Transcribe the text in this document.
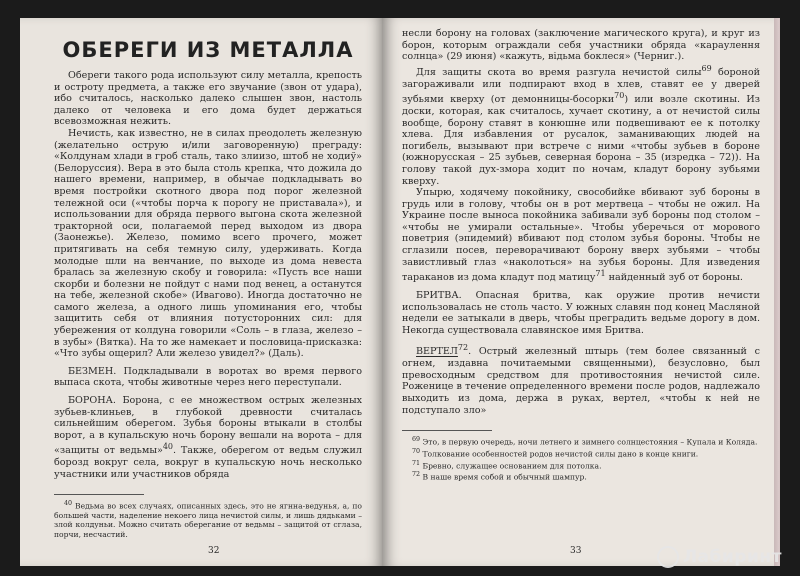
ОБЕРЕГИ ИЗ МЕТАЛЛА

Обереги такого рода используют силу металла, крепость и остроту предмета, а также его звучание (звон от удара), ибо считалось, насколько далеко слышен звон, настоль далеко от человека и его дома будет держаться всевозможная нежить.

Нечисть, как известно, не в силах преодолеть железную (желательно острую и/или заговоренную) преграду: «Колдунам хлади в гроб сталь, тако злиизо, штоб не ходиў» (Белоруссия). Вера в это была столь крепка, что дожила до нашего времени, например, в обычае подкладывать во время постройки скотного двора под порог железной тележной оси («чтобы порча к порогу не приставала»), и использовании для обряда первого выгона скота железной тракторной оси, полагаемой перед выходом из двора (Заонежье). Железо, помимо всего прочего, может притягивать на себя темную силу, удерживать. Когда молодые шли на венчание, по выходе из дома невеста бралась за железную скобу и говорила: «Пусть все наши скорби и болезни не пойдут с нами под венец, а останутся на тебе, железной скобе» (Ивагово). Иногда достаточно не самого железа, а одного лишь упоминания его, чтобы защитить себя от влияния потусторонних сил: для убережения от колдуна говорили «Соль – в глаза, железо – в зубы» (Вятка). На то же намекает и пословица-присказка: «Что зубы ощерил? Али железо увидел?» (Даль).

БЕЗМЕН. Подкладывали в воротах во время первого выпаса скота, чтобы животные через него переступали.

БОРОНА. Борона, с ее множеством острых железных зубьев-клиньев, в глубокой древности считалась сильнейшим оберегом. Зубья бороны втыкали в столбы ворот, а в купальскую ночь борону вешали на ворота – для «защиты от ведьмы»$^{40}$. Также, оберегом от ведьм служил борозд вокруг села, вокруг в купальскую ночь несколько участники или участников обряда

$^{40}$ Ведьма во всех случаях, описанных здесь, это не ягнна-ведунья, а, по большей части, наделение некоего лица нечистой силы, и лишь дядьками – злой колдуньи. Можно считать оберегание от ведьмы – защитой от сглаза, порчи, несчастий.

32

несли борону на головах (заключение магического круга), и круг из борон, которым ограждали себя участники обряда «караулення солнца» (29 июня) «кажуть, відьма боклеся» (Черниг.).

Для защиты скота во время разгула нечистой силы$^{69}$ бороной загораживали или подпирают вход в хлев, ставят ее у дверей зубьями кверху (от демонницы-босорки$^{70}$) или возле скотины. Из доски, которая, как считалось, хучает скотину, а от нечистой силы вообще, борону ставят в конюшне или подвешивают ее к потолку хлева. Для избавления от русалок, заманивающих людей на погибель, вызывают при встрече с ними «чтобы зубьев в бороне (южнорусская – 25 зубьев, северная борона – 35 (изредка – 72)). На голову такой дух-змора ходит по ночам, кладут борону зубьями кверху.

Упырю, ходячему покойнику, свособийке вбивают зуб бороны в грудь или в голову, чтобы он в рот мертвеца – чтобы не ожил. На Украине после выноса покойника забивали зуб бороны под столом – «чтобы не умирали остальные». Чтобы уберечься от морового поветрия (эпидемий) вбивают под столом зубья бороны. Чтобы не сглазили посев, переворачивают борону вверх зубьями – чтобы завистливый глаз «наколоться» на зубья бороны. Для изведения тараканов из дома кладут под матицу$^{71}$ найденный зуб от бороны.

БРИТВА. Опасная бритва, как оружие против нечисти использовалась не столь часто. У южных славян под конец Масляной недели ее затыкали в дверь, чтобы преградить ведьме дорогу в дом. Некогда существовала славянское имя Бритва.

ВЕРТЕЛ$^{72}$. Острый железный штырь (тем более связанный с огнем, издавна почитаемыми священными), безусловно, был превосходным средством для противостояния нечистой силе. Роженице в течение определенного времени после родов, надлежало выходить из дома, держа в руках, вертел, «чтобы к ней не подступало зло»

$^{69}$ Это, в первую очередь, ночи летнего и зимнего солнцестояния – Купала и Коляда.

$^{70}$ Толкование особенностей родов нечистой силы дано в конце книги.

$^{71}$ Бревно, служащее основанием для потолка.

$^{72}$ В наше время собой и обычный шампур.

33	Лабиринт
